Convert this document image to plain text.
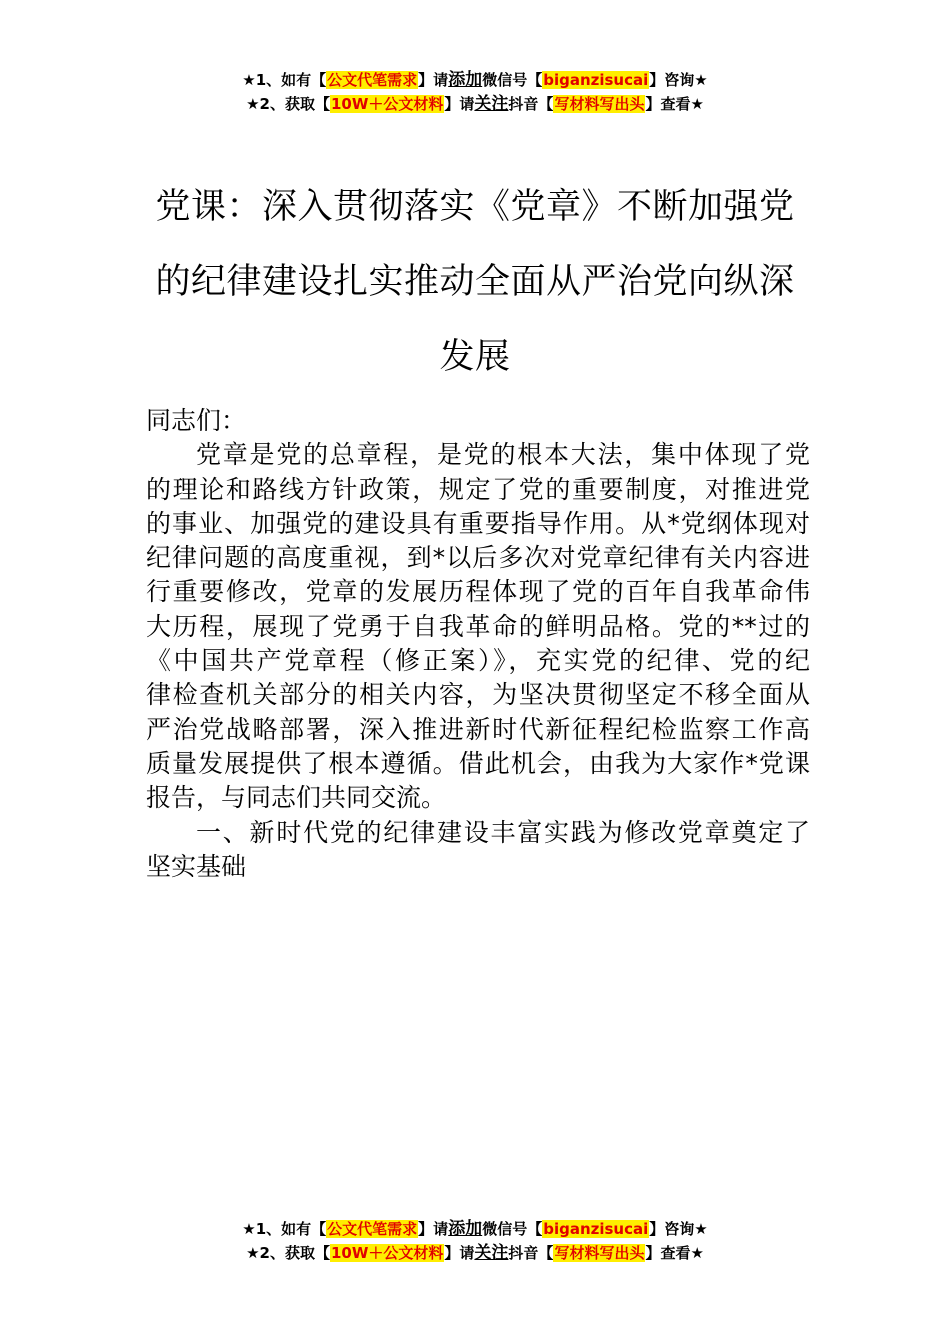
★1、如有【公文代笔需求】请添加微信号【biganzisucai】咨询★
★2、获取【10W＋公文材料】请关注抖音【写材料写出头】查看★
党课：深入贯彻落实《党章》不断加强党
的纪律建设扎实推动全面从严治党向纵深
发展
同志们：
党章是党的总章程，是党的根本大法，集中体现了党
的理论和路线方针政策，规定了党的重要制度，对推进党
的事业、加强党的建设具有重要指导作用。从*党纲体现对
纪律问题的高度重视，到*以后多次对党章纪律有关内容进
行重要修改，党章的发展历程体现了党的百年自我革命伟
大历程，展现了党勇于自我革命的鲜明品格。党的**过的
《中国共产党章程（修正案）》，充实党的纪律、党的纪
律检查机关部分的相关内容，为坚决贯彻坚定不移全面从
严治党战略部署，深入推进新时代新征程纪检监察工作高
质量发展提供了根本遵循。借此机会，由我为大家作*党课
报告，与同志们共同交流。
一、新时代党的纪律建设丰富实践为修改党章奠定了
坚实基础
★1、如有【公文代笔需求】请添加微信号【biganzisucai】咨询★
★2、获取【10W＋公文材料】请关注抖音【写材料写出头】查看★
